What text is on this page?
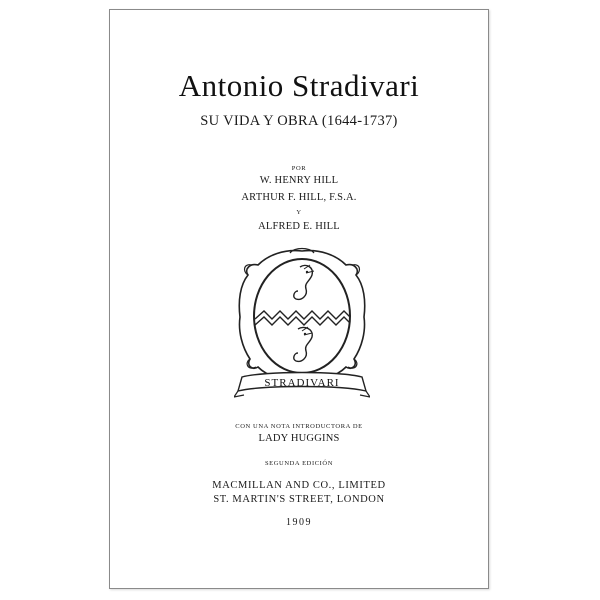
Antonio Stradivari
SU VIDA Y OBRA (1644-1737)
POR
W. HENRY HILL
ARTHUR F. HILL, F.S.A.
Y
ALFRED E. HILL
STRADIVARI
CON UNA NOTA INTRODUCTORA DE
LADY HUGGINS
SEGUNDA EDICIÓN
MACMILLAN AND CO., LIMITED
ST. MARTIN'S STREET, LONDON
1909
